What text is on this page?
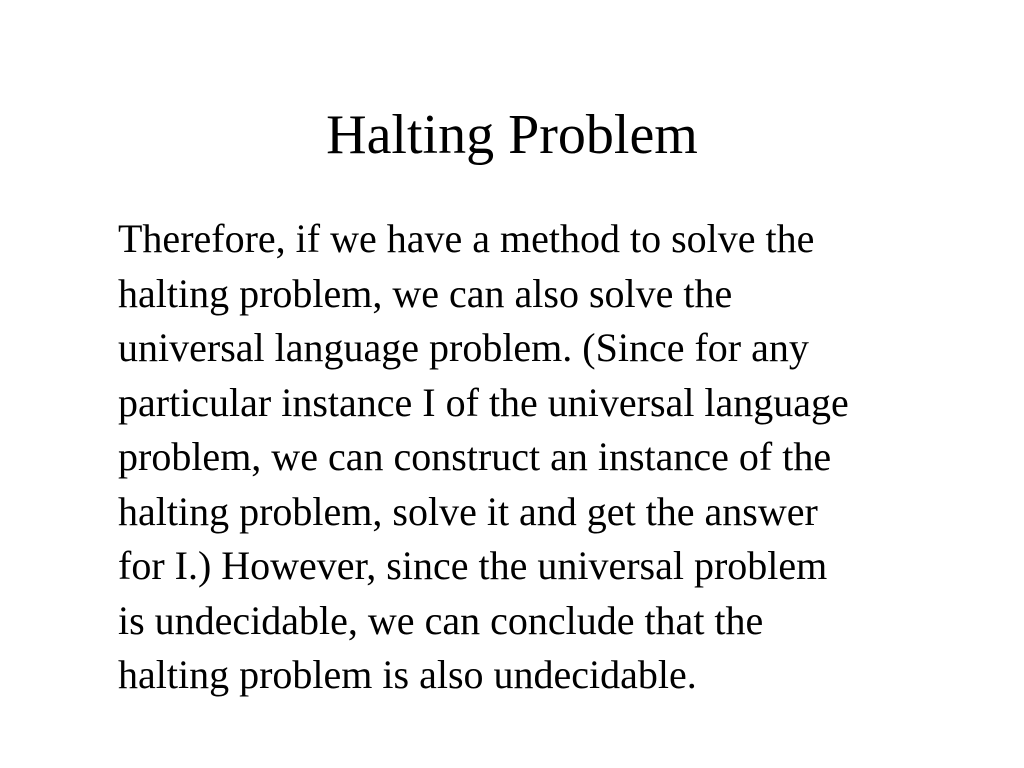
Halting Problem

Therefore, if we have a method to solve the
halting problem, we can also solve the
universal language problem. (Since for any
particular instance I of the universal language
problem, we can construct an instance of the
halting problem, solve it and get the answer
for I.) However, since the universal problem
is undecidable, we can conclude that the
halting problem is also undecidable.
